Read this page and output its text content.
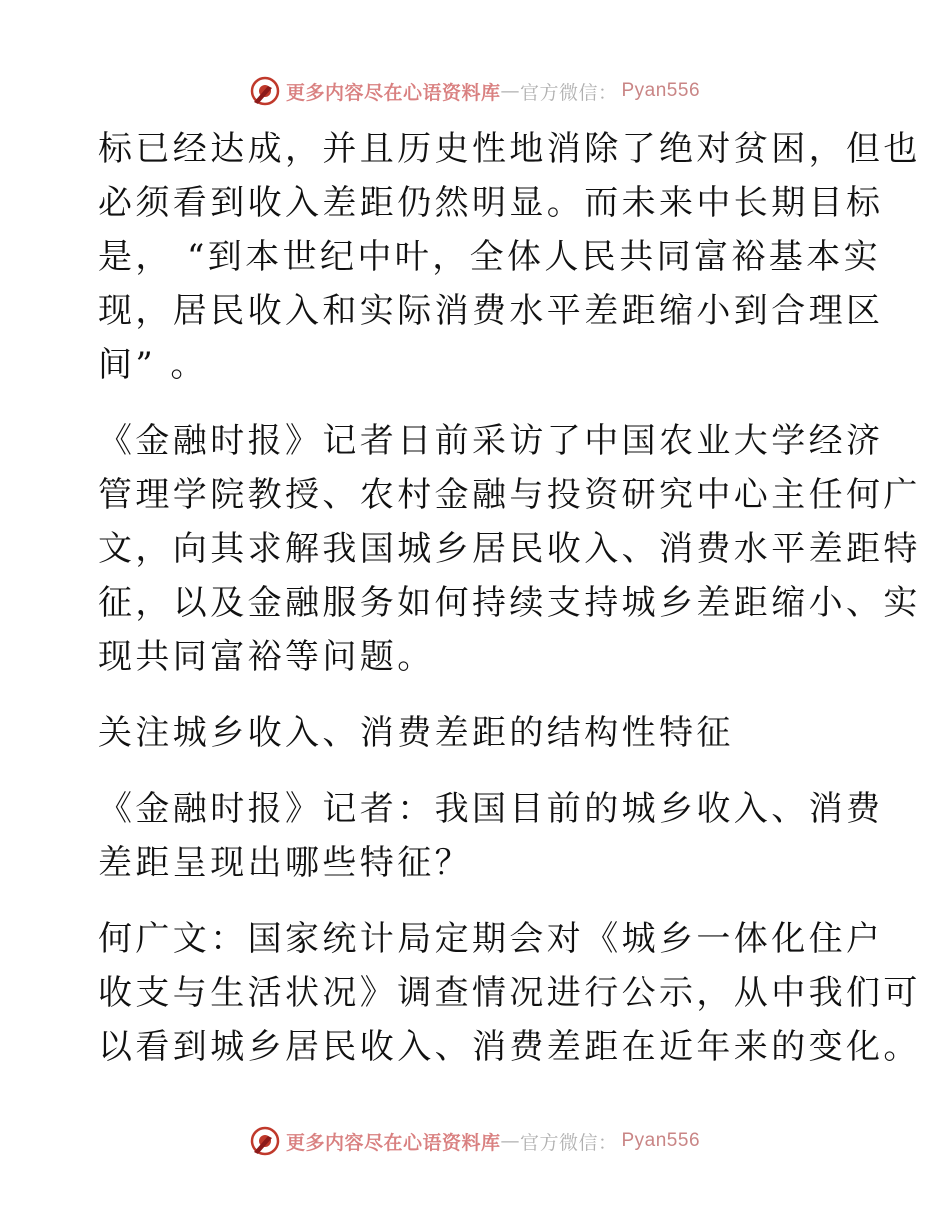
更多内容尽在心语资料库 — 官方微信： Pyan556
标已经达成，并且历史性地消除了绝对贫困，但也
必须看到收入差距仍然明显。而未来中长期目标
是， “到本世纪中叶，全体人民共同富裕基本实
现，居民收入和实际消费水平差距缩小到合理区
间” 。
《金融时报》记者日前采访了中国农业大学经济
管理学院教授、农村金融与投资研究中心主任何广
文，向其求解我国城乡居民收入、消费水平差距特
征，以及金融服务如何持续支持城乡差距缩小、实
现共同富裕等问题。
关注城乡收入、消费差距的结构性特征
《金融时报》记者：我国目前的城乡收入、消费
差距呈现出哪些特征？
何广文：国家统计局定期会对《城乡一体化住户
收支与生活状况》调查情况进行公示，从中我们可
以看到城乡居民收入、消费差距在近年来的变化。
更多内容尽在心语资料库 — 官方微信： Pyan556
